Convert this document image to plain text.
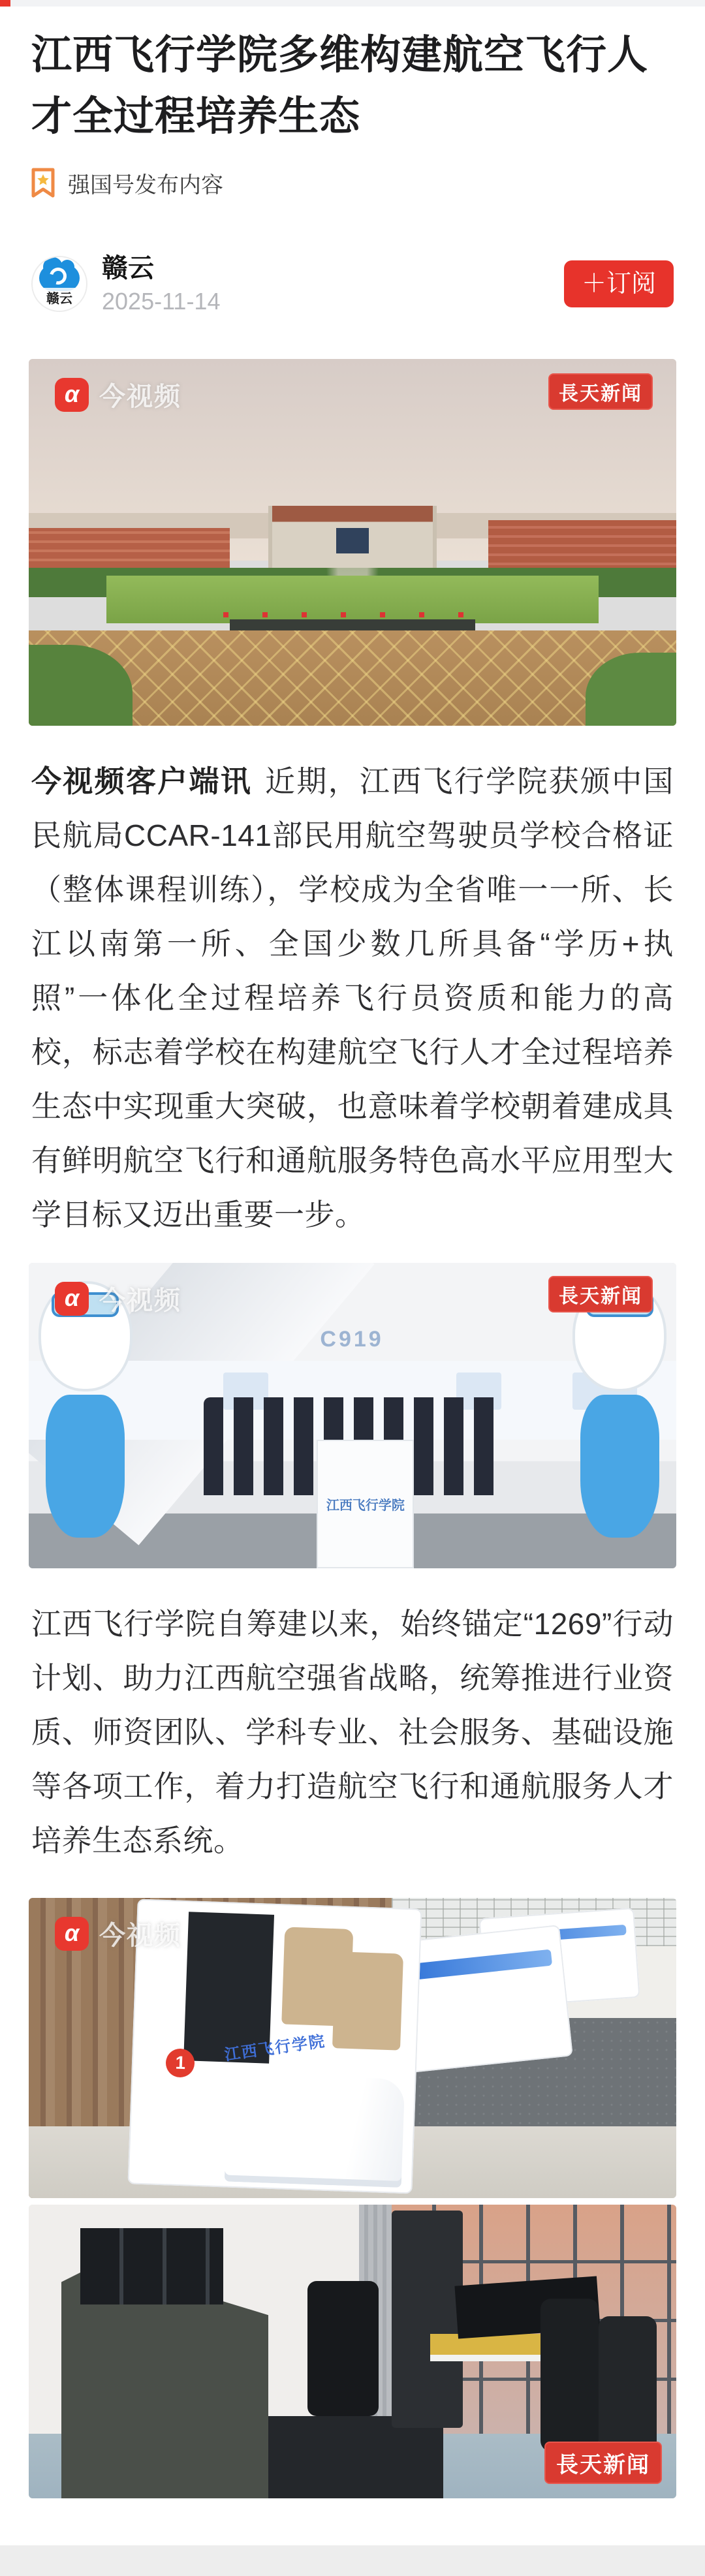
江西飞行学院多维构建航空飞行人才全过程培养生态
强国号发布内容
赣云
赣云
2025-11-14
＋订阅
α 今视频	長天新闻

今视频客户端讯 近期，江西飞行学院获颁中国民航局CCAR-141部民用航空驾驶员学校合格证（整体课程训练），学校成为全省唯一一所、长江以南第一所、全国少数几所具备“学历+执照”一体化全过程培养飞行员资质和能力的高校，标志着学校在构建航空飞行人才全过程培养生态中实现重大突破，也意味着学校朝着建成具有鲜明航空飞行和通航服务特色高水平应用型大学目标又迈出重要一步。

C919
江西飞行学院
α 今视频	長天新闻

江西飞行学院自筹建以来，始终锚定“1269”行动计划、助力江西航空强省战略，统筹推进行业资质、师资团队、学科专业、社会服务、基础设施等各项工作，着力打造航空飞行和通航服务人才培养生态系统。

1	江西飞行学院
α 今视频
長天新闻
